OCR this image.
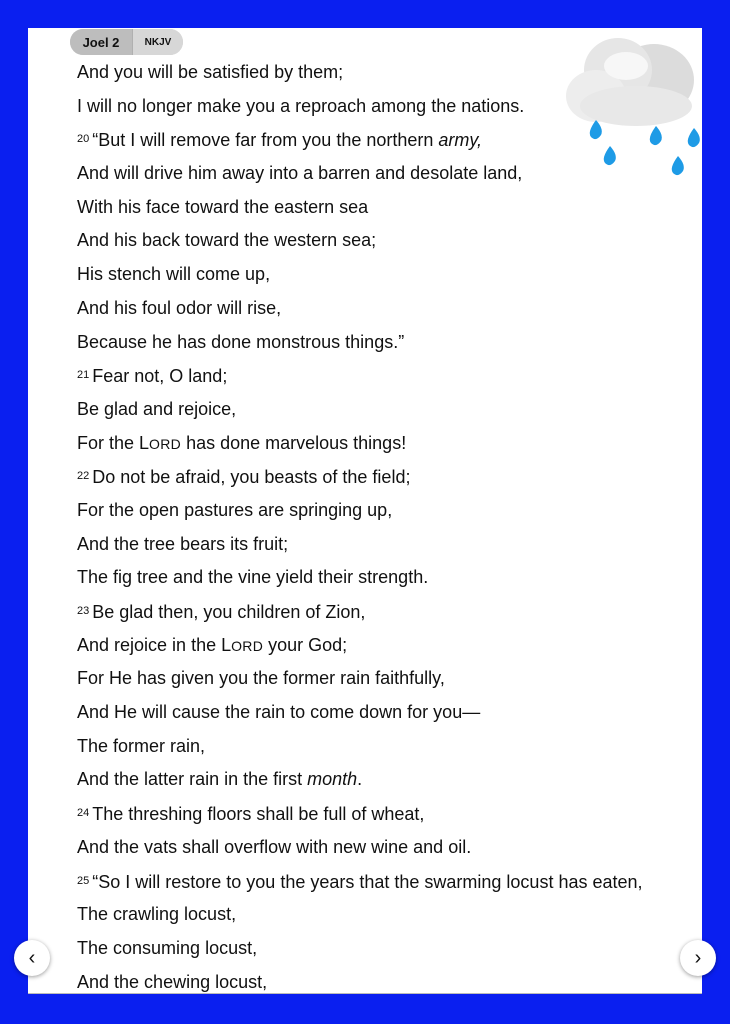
Joel 2	NKJV
And you will be satisfied by them;
I will no longer make you a reproach among the nations.
$^{20}$ “But I will remove far from you the northern army,
And will drive him away into a barren and desolate land,
With his face toward the eastern sea
And his back toward the western sea;
His stench will come up,
And his foul odor will rise,
Because he has done monstrous things.”
$^{21}$ Fear not, O land;
Be glad and rejoice,
For the LORD has done marvelous things!
$^{22}$ Do not be afraid, you beasts of the field;
For the open pastures are springing up,
And the tree bears its fruit;
The fig tree and the vine yield their strength.
$^{23}$ Be glad then, you children of Zion,
And rejoice in the LORD your God;
For He has given you the former rain faithfully,
And He will cause the rain to come down for you—
The former rain,
And the latter rain in the first month.
$^{24}$ The threshing floors shall be full of wheat,
And the vats shall overflow with new wine and oil.
$^{25}$ “So I will restore to you the years that the swarming locust has eaten,
The crawling locust,
The consuming locust,
And the chewing locust,
‹	›
